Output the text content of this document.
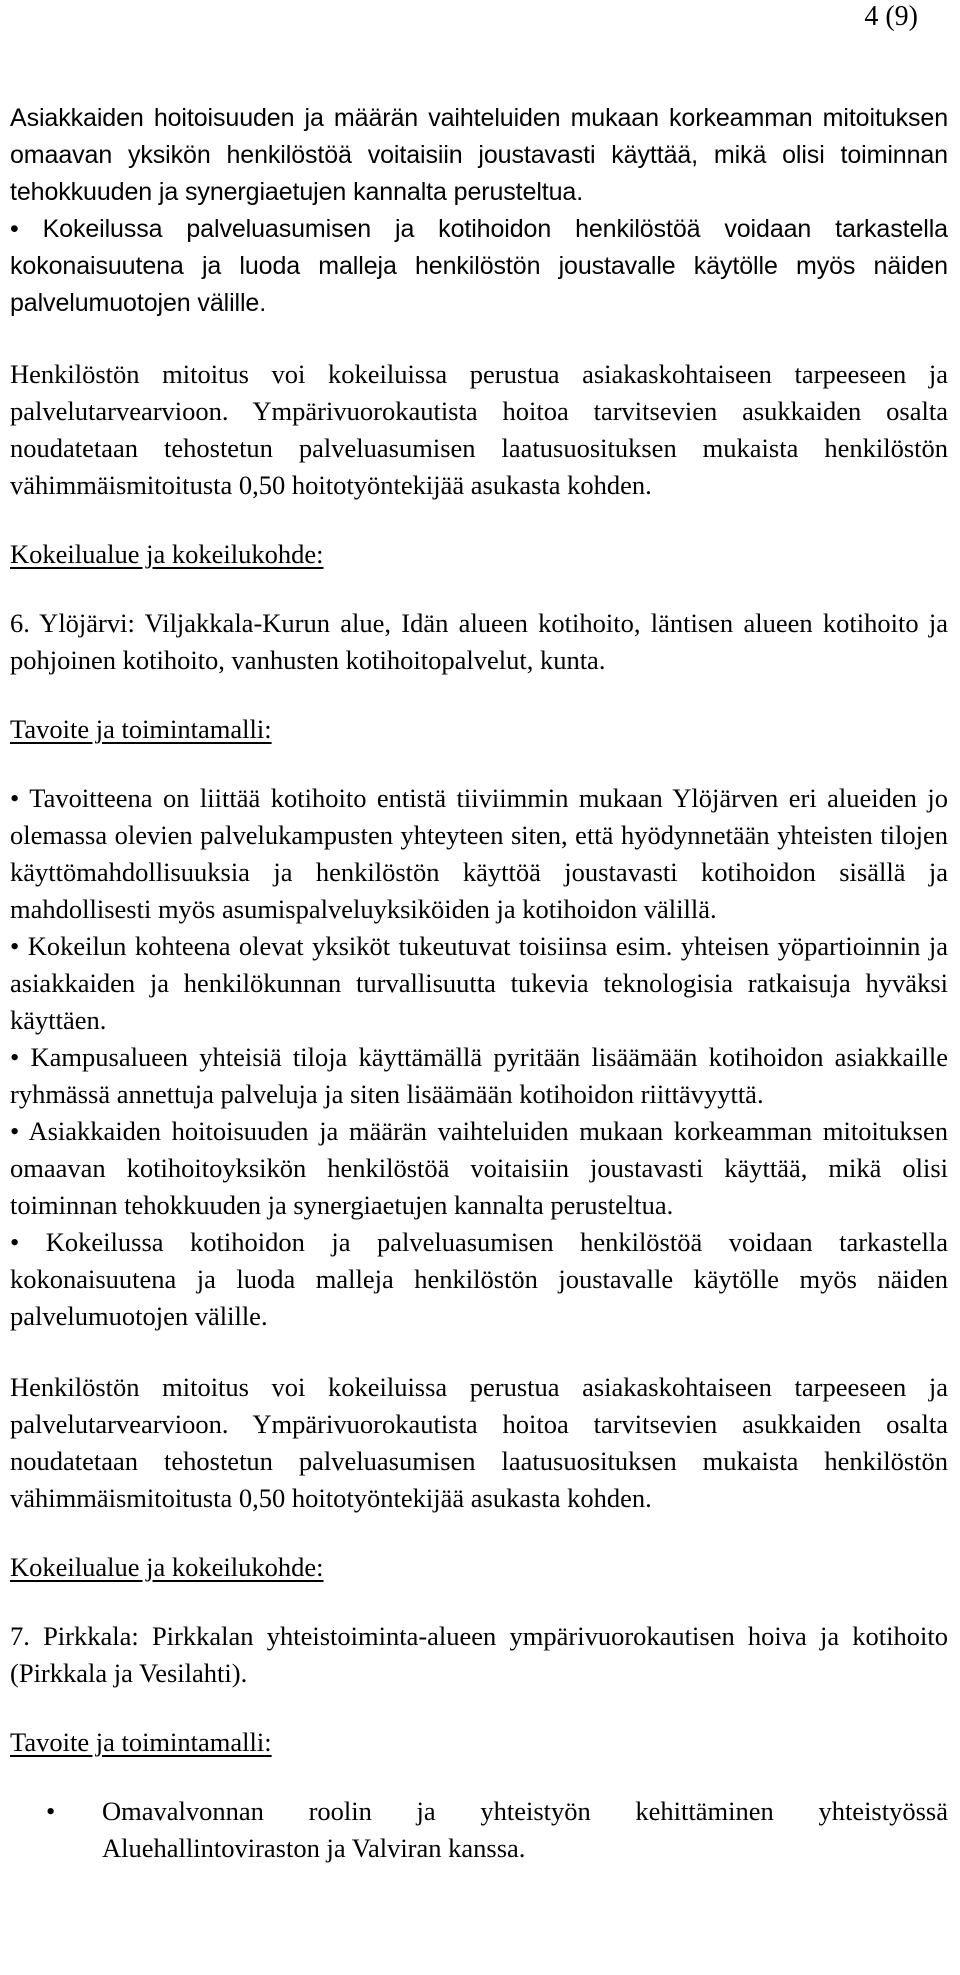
4 (9)

Asiakkaiden hoitoisuuden ja määrän vaihteluiden mukaan korkeamman mitoituksen omaavan yksikön henkilöstöä voitaisiin joustavasti käyttää, mikä olisi toiminnan tehokkuuden ja synergiaetujen kannalta perusteltua.

• Kokeilussa palveluasumisen ja kotihoidon henkilöstöä voidaan tarkastella kokonaisuutena ja luoda malleja henkilöstön joustavalle käytölle myös näiden palvelumuotojen välille.

Henkilöstön mitoitus voi kokeiluissa perustua asiakaskohtaiseen tarpeeseen ja palvelutarvearvioon. Ympärivuorokautista hoitoa tarvitsevien asukkaiden osalta noudatetaan tehostetun palveluasumisen laatusuosituksen mukaista henkilöstön vähimmäismitoitusta 0,50 hoitotyöntekijää asukasta kohden.

Kokeilualue ja kokeilukohde:

6. Ylöjärvi: Viljakkala-Kurun alue, Idän alueen kotihoito, läntisen alueen kotihoito ja pohjoinen kotihoito, vanhusten kotihoitopalvelut, kunta.

Tavoite ja toimintamalli:

• Tavoitteena on liittää kotihoito entistä tiiviimmin mukaan Ylöjärven eri alueiden jo olemassa olevien palvelukampusten yhteyteen siten, että hyödynnetään yhteisten tilojen käyttömahdollisuuksia ja henkilöstön käyttöä joustavasti kotihoidon sisällä ja mahdollisesti myös asumispalveluyksiköiden ja kotihoidon välillä.

• Kokeilun kohteena olevat yksiköt tukeutuvat toisiinsa esim. yhteisen yöpartioinnin ja asiakkaiden ja henkilökunnan turvallisuutta tukevia teknologisia ratkaisuja hyväksi käyttäen.

• Kampusalueen yhteisiä tiloja käyttämällä pyritään lisäämään kotihoidon asiakkaille ryhmässä annettuja palveluja ja siten lisäämään kotihoidon riittävyyttä.

• Asiakkaiden hoitoisuuden ja määrän vaihteluiden mukaan korkeamman mitoituksen omaavan kotihoitoyksikön henkilöstöä voitaisiin joustavasti käyttää, mikä olisi toiminnan tehokkuuden ja synergiaetujen kannalta perusteltua.

• Kokeilussa kotihoidon ja palveluasumisen henkilöstöä voidaan tarkastella kokonaisuutena ja luoda malleja henkilöstön joustavalle käytölle myös näiden palvelumuotojen välille.

Henkilöstön mitoitus voi kokeiluissa perustua asiakaskohtaiseen tarpeeseen ja palvelutarvearvioon. Ympärivuorokautista hoitoa tarvitsevien asukkaiden osalta noudatetaan tehostetun palveluasumisen laatusuosituksen mukaista henkilöstön vähimmäismitoitusta 0,50 hoitotyöntekijää asukasta kohden.

Kokeilualue ja kokeilukohde:

7. Pirkkala: Pirkkalan yhteistoiminta-alueen ympärivuorokautisen hoiva ja kotihoito (Pirkkala ja Vesilahti).

Tavoite ja toimintamalli:
•	Omavalvonnan roolin ja yhteistyön kehittäminen yhteistyössä Aluehallintoviraston ja Valviran kanssa.
